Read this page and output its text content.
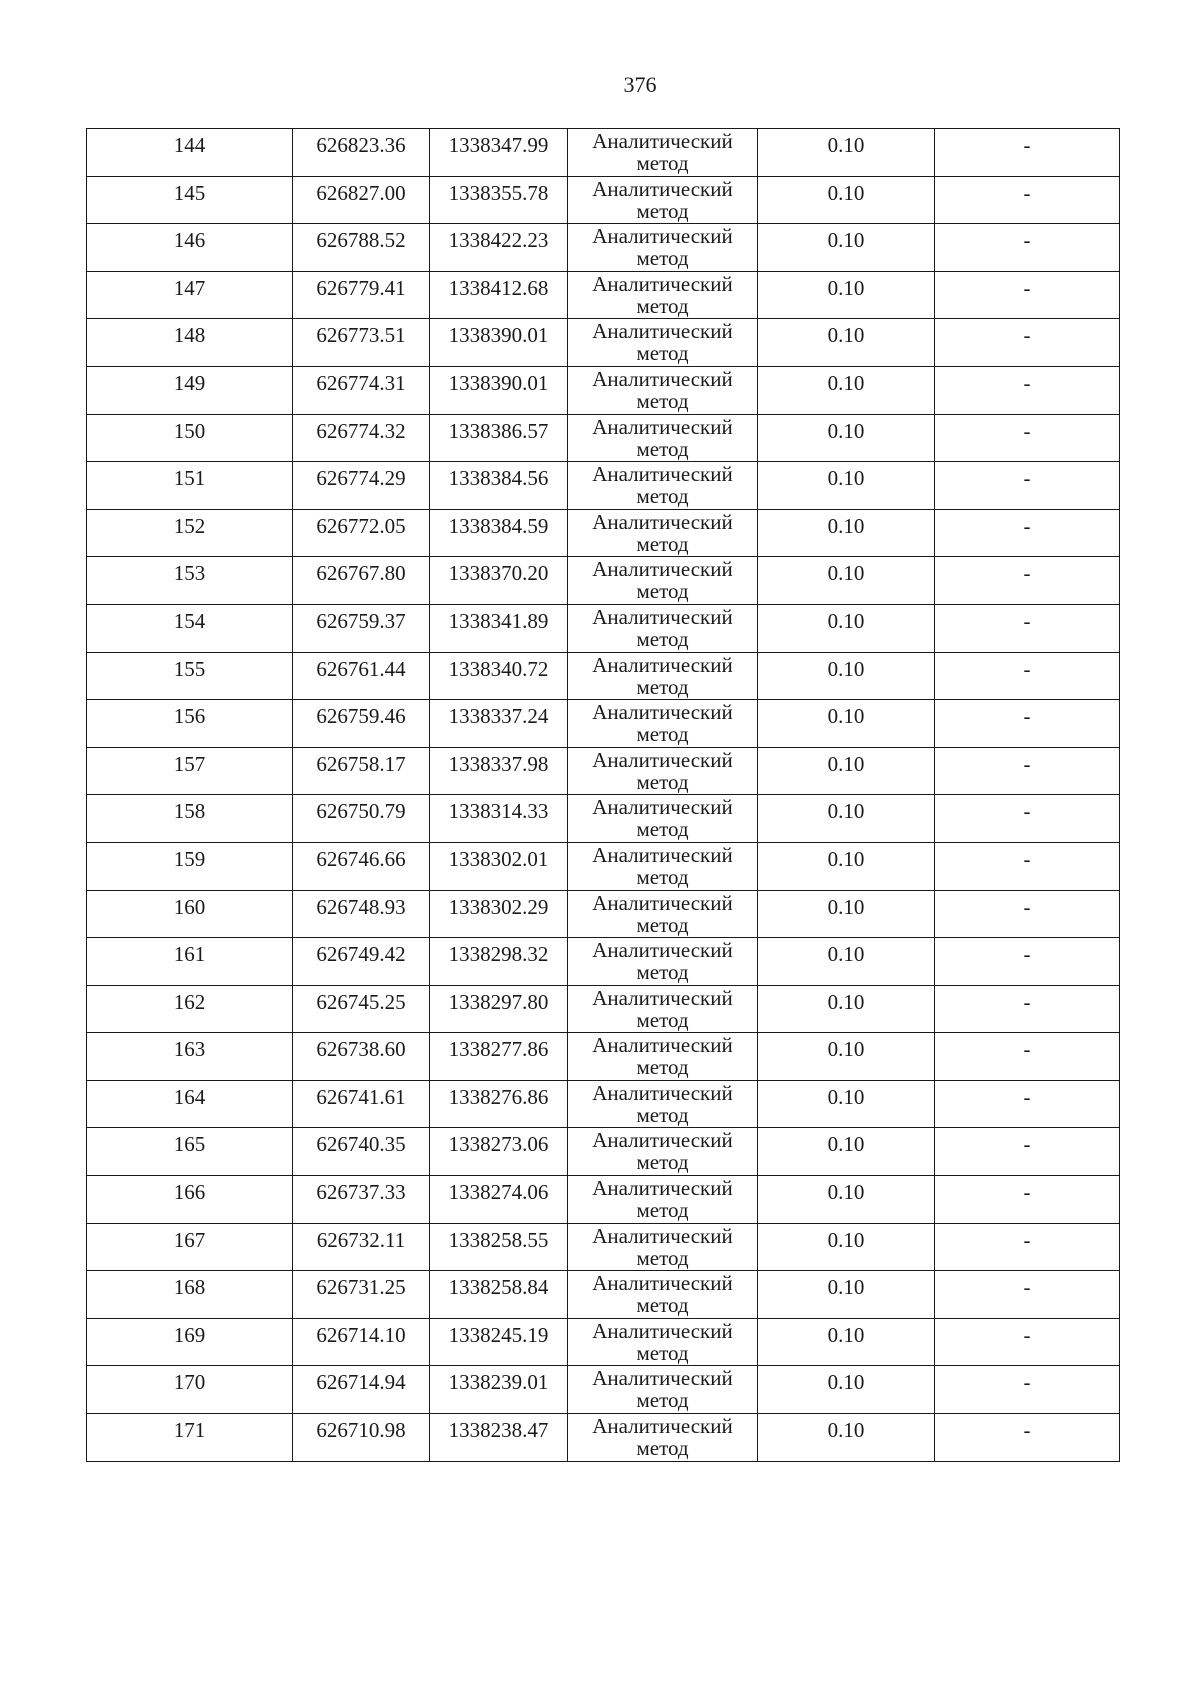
376
144	626823.36	1338347.99	Аналитический метод	0.10	-

145	626827.00	1338355.78	Аналитический метод	0.10	-

146	626788.52	1338422.23	Аналитический метод	0.10	-

147	626779.41	1338412.68	Аналитический метод	0.10	-

148	626773.51	1338390.01	Аналитический метод	0.10	-

149	626774.31	1338390.01	Аналитический метод	0.10	-

150	626774.32	1338386.57	Аналитический метод	0.10	-

151	626774.29	1338384.56	Аналитический метод	0.10	-

152	626772.05	1338384.59	Аналитический метод	0.10	-

153	626767.80	1338370.20	Аналитический метод	0.10	-

154	626759.37	1338341.89	Аналитический метод	0.10	-

155	626761.44	1338340.72	Аналитический метод	0.10	-

156	626759.46	1338337.24	Аналитический метод	0.10	-

157	626758.17	1338337.98	Аналитический метод	0.10	-

158	626750.79	1338314.33	Аналитический метод	0.10	-

159	626746.66	1338302.01	Аналитический метод	0.10	-

160	626748.93	1338302.29	Аналитический метод	0.10	-

161	626749.42	1338298.32	Аналитический метод	0.10	-

162	626745.25	1338297.80	Аналитический метод	0.10	-

163	626738.60	1338277.86	Аналитический метод	0.10	-

164	626741.61	1338276.86	Аналитический метод	0.10	-

165	626740.35	1338273.06	Аналитический метод	0.10	-

166	626737.33	1338274.06	Аналитический метод	0.10	-

167	626732.11	1338258.55	Аналитический метод	0.10	-

168	626731.25	1338258.84	Аналитический метод	0.10	-

169	626714.10	1338245.19	Аналитический метод	0.10	-

170	626714.94	1338239.01	Аналитический метод	0.10	-

171	626710.98	1338238.47	Аналитический метод	0.10	-
